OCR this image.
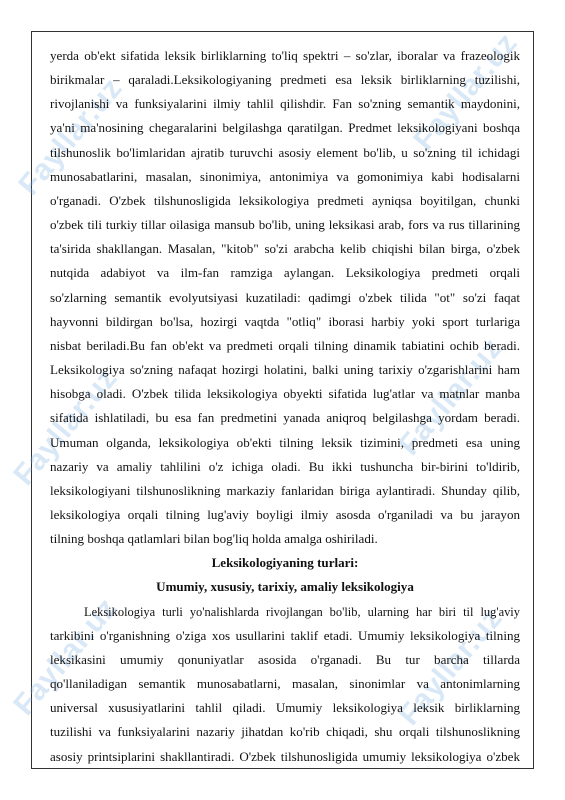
Fayllar.uz	Fayllar.uz
Fayllar.uz	Fayllar.uz
Fayllar.uz	Fayllar.uz
yerda ob'ekt sifatida leksik birliklarning to'liq spektri – so'zlar, iboralar va frazeologik
birikmalar – qaraladi.Leksikologiyaning predmeti esa leksik birliklarning tuzilishi,
rivojlanishi va funksiyalarini ilmiy tahlil qilishdir. Fan so'zning semantik maydonini,
ya'ni ma'nosining chegaralarini belgilashga qaratilgan. Predmet leksikologiyani boshqa
tilshunoslik bo'limlaridan ajratib turuvchi asosiy element bo'lib, u so'zning til ichidagi
munosabatlarini, masalan, sinonimiya, antonimiya va gomonimiya kabi hodisalarni
o'rganadi. O'zbek tilshunosligida leksikologiya predmeti ayniqsa boyitilgan, chunki
o'zbek tili turkiy tillar oilasiga mansub bo'lib, uning leksikasi arab, fors va rus tillarining
ta'sirida shakllangan. Masalan, "kitob" so'zi arabcha kelib chiqishi bilan birga, o'zbek
nutqida adabiyot va ilm-fan ramziga aylangan. Leksikologiya predmeti orqali
so'zlarning semantik evolyutsiyasi kuzatiladi: qadimgi o'zbek tilida "ot" so'zi faqat
hayvonni bildirgan bo'lsa, hozirgi vaqtda "otliq" iborasi harbiy yoki sport turlariga
nisbat beriladi.Bu fan ob'ekt va predmeti orqali tilning dinamik tabiatini ochib beradi.
Leksikologiya so'zning nafaqat hozirgi holatini, balki uning tarixiy o'zgarishlarini ham
hisobga oladi. O'zbek tilida leksikologiya obyekti sifatida lug'atlar va matnlar manba
sifatida ishlatiladi, bu esa fan predmetini yanada aniqroq belgilashga yordam beradi.
Umuman olganda, leksikologiya ob'ekti tilning leksik tizimini, predmeti esa uning
nazariy va amaliy tahlilini o'z ichiga oladi. Bu ikki tushuncha bir-birini to'ldirib,
leksikologiyani tilshunoslikning markaziy fanlaridan biriga aylantiradi. Shunday qilib,
leksikologiya orqali tilning lug'aviy boyligi ilmiy asosda o'rganiladi va bu jarayon
tilning boshqa qatlamlari bilan bog'liq holda amalga oshiriladi.
Leksikologiyaning turlari:
Umumiy, xususiy, tarixiy, amaliy leksikologiya
Leksikologiya turli yo'nalishlarda rivojlangan bo'lib, ularning har biri til lug'aviy
tarkibini o'rganishning o'ziga xos usullarini taklif etadi. Umumiy leksikologiya tilning
leksikasini umumiy qonuniyatlar asosida o'rganadi. Bu tur barcha tillarda
qo'llaniladigan semantik munosabatlarni, masalan, sinonimlar va antonimlarning
universal xususiyatlarini tahlil qiladi. Umumiy leksikologiya leksik birliklarning
tuzilishi va funksiyalarini nazariy jihatdan ko'rib chiqadi, shu orqali tilshunoslikning
asosiy printsiplarini shakllantiradi. O'zbek tilshunosligida umumiy leksikologiya o'zbek
